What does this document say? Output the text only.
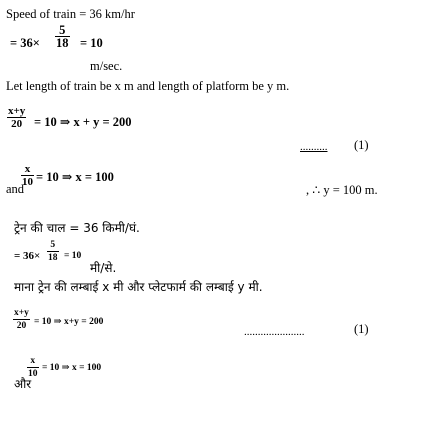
Speed of train = 36 km/hr
= 36×
5
18 = 10
m/sec.
Let length of train be x m and length of platform be y m.
x+y
20 = 10 ⇒ x + y = 200
.......... (1)
x
10 = 10 ⇒ x = 100
and	, ∴ y = 100 m.
ट्रेन की चाल = 36 किमी/घं.
= 36×
5
18 = 10
मी/से.
माना ट्रेन की लम्बाई x मी और प्लेटफार्म की लम्बाई y मी.
x+y
20 = 10 ⇒ x+y = 200
......................	(1)
x
10
= 10 ⇒ x = 100
और
